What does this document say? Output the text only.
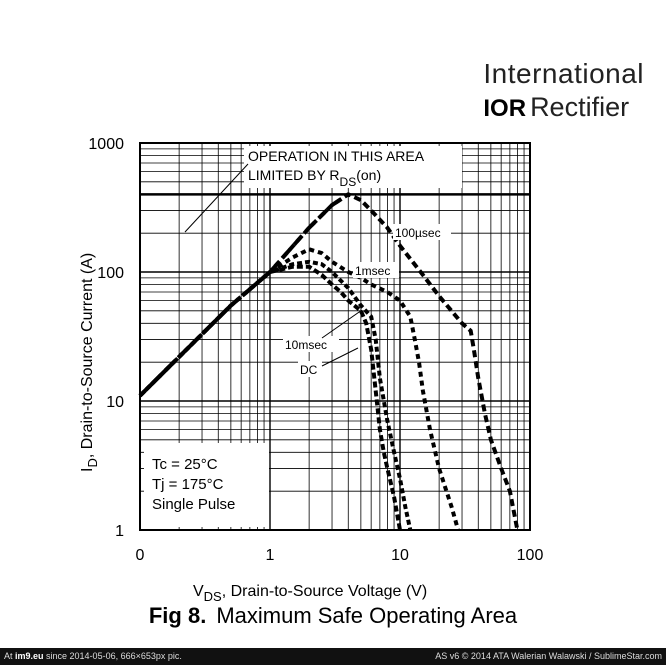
0	1	10	100
1
10
100
1000
OPERATION IN THIS AREA
LIMITED BY RDS(on)
Tc = 25°C
Tj = 175°C
Single Pulse
100µsec
1msec
10msec
DC
$V_{DS}$, Drain-to-Source Voltage (V)
$I_D$, Drain-to-Source Current (A)
International
IOR Rectifier
Fig 8. Maximum Safe Operating Area
At im9.eu since 2014-05-06, 666×653px pic.	AS v6 © 2014 ATA Walerian Walawski / SublimeStar.com
